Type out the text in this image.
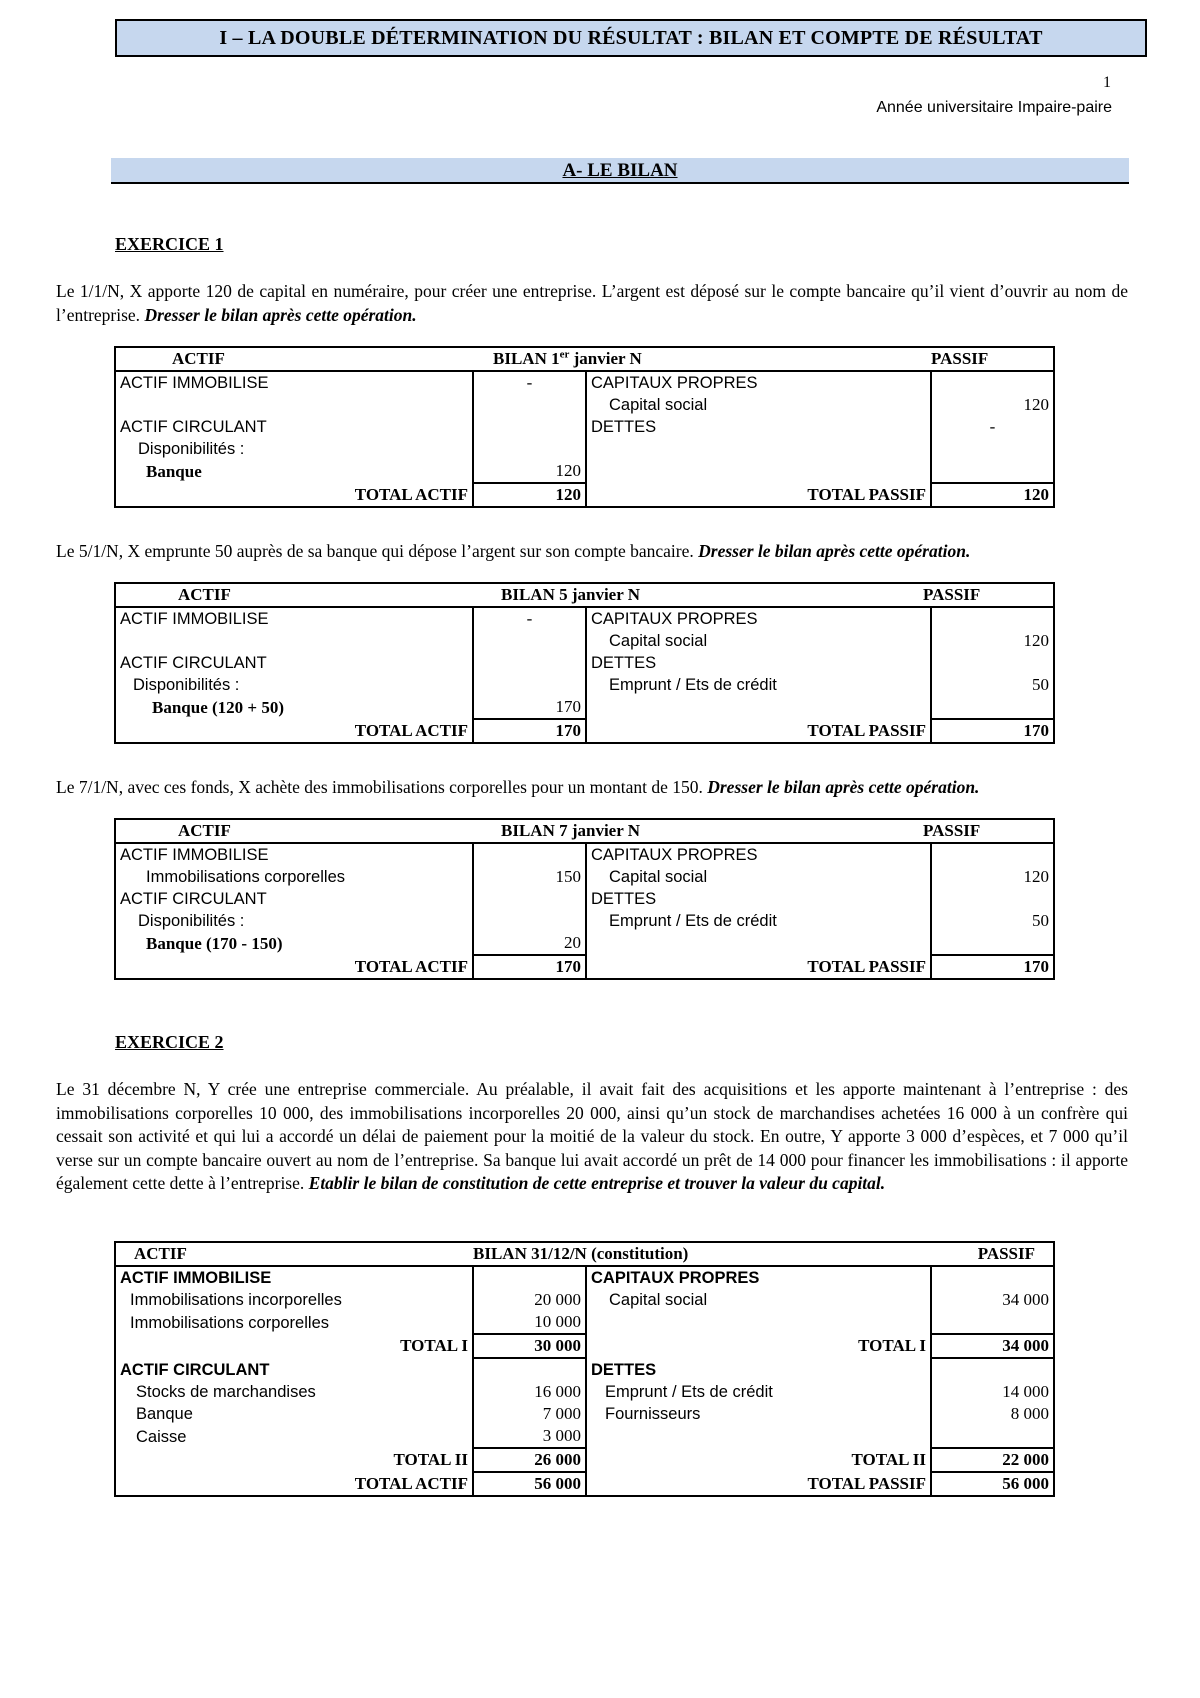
I – LA DOUBLE DÉTERMINATION DU RÉSULTAT : BILAN ET COMPTE DE RÉSULTAT
1
Année universitaire Impaire-paire
A- LE BILAN
EXERCICE 1
Le 1/1/N, X apporte 120 de capital en numéraire, pour créer une entreprise. L’argent est déposé sur le compte bancaire qu’il vient d’ouvrir au nom de l’entreprise. Dresser le bilan après cette opération.
ACTIF	BILAN 1er janvier N		PASSIF
ACTIF IMMOBILISE	-	CAPITAUX PROPRES	
		Capital social	120
ACTIF CIRCULANT		DETTES	-
Disponibilités :			
Banque	120		
TOTAL ACTIF	120	TOTAL PASSIF	120
Le 5/1/N, X emprunte 50 auprès de sa banque qui dépose l’argent sur son compte bancaire. Dresser le bilan après cette opération.
ACTIF	BILAN 5 janvier N		PASSIF
ACTIF IMMOBILISE	-	CAPITAUX PROPRES	
		Capital social	120
ACTIF CIRCULANT		DETTES	
Disponibilités :		Emprunt / Ets de crédit	50
Banque (120 + 50)	170		
TOTAL ACTIF	170	TOTAL PASSIF	170
Le 7/1/N, avec ces fonds, X achète des immobilisations corporelles pour un montant de 150. Dresser le bilan après cette opération.
ACTIF	BILAN 7 janvier N		PASSIF
ACTIF IMMOBILISE		CAPITAUX PROPRES	
Immobilisations corporelles	150	Capital social	120
ACTIF CIRCULANT		DETTES	
Disponibilités :		Emprunt / Ets de crédit	50
Banque (170 - 150)	20		
TOTAL ACTIF	170	TOTAL PASSIF	170
EXERCICE 2
Le 31 décembre N, Y crée une entreprise commerciale. Au préalable, il avait fait des acquisitions et les apporte maintenant à l’entreprise : des immobilisations corporelles 10 000, des immobilisations incorporelles 20 000, ainsi qu’un stock de marchandises achetées 16 000 à un confrère qui cessait son activité et qui lui a accordé un délai de paiement pour la moitié de la valeur du stock. En outre, Y apporte 3 000 d’espèces, et 7 000 qu’il verse sur un compte bancaire ouvert au nom de l’entreprise. Sa banque lui avait accordé un prêt de 14 000 pour financer les immobilisations : il apporte également cette dette à l’entreprise. Etablir le bilan de constitution de cette entreprise et trouver la valeur du capital.
ACTIF	BILAN 31/12/N (constitution)		PASSIF
ACTIF IMMOBILISE		CAPITAUX PROPRES	
Immobilisations incorporelles	20 000	Capital social	34 000
Immobilisations corporelles	10 000		
TOTAL I	30 000	TOTAL I	34 000
ACTIF CIRCULANT		DETTES	
Stocks de marchandises	16 000	Emprunt / Ets de crédit	14 000
Banque	7 000	Fournisseurs	8 000
Caisse	3 000		
TOTAL II	26 000	TOTAL II	22 000
TOTAL ACTIF	56 000	TOTAL PASSIF	56 000
